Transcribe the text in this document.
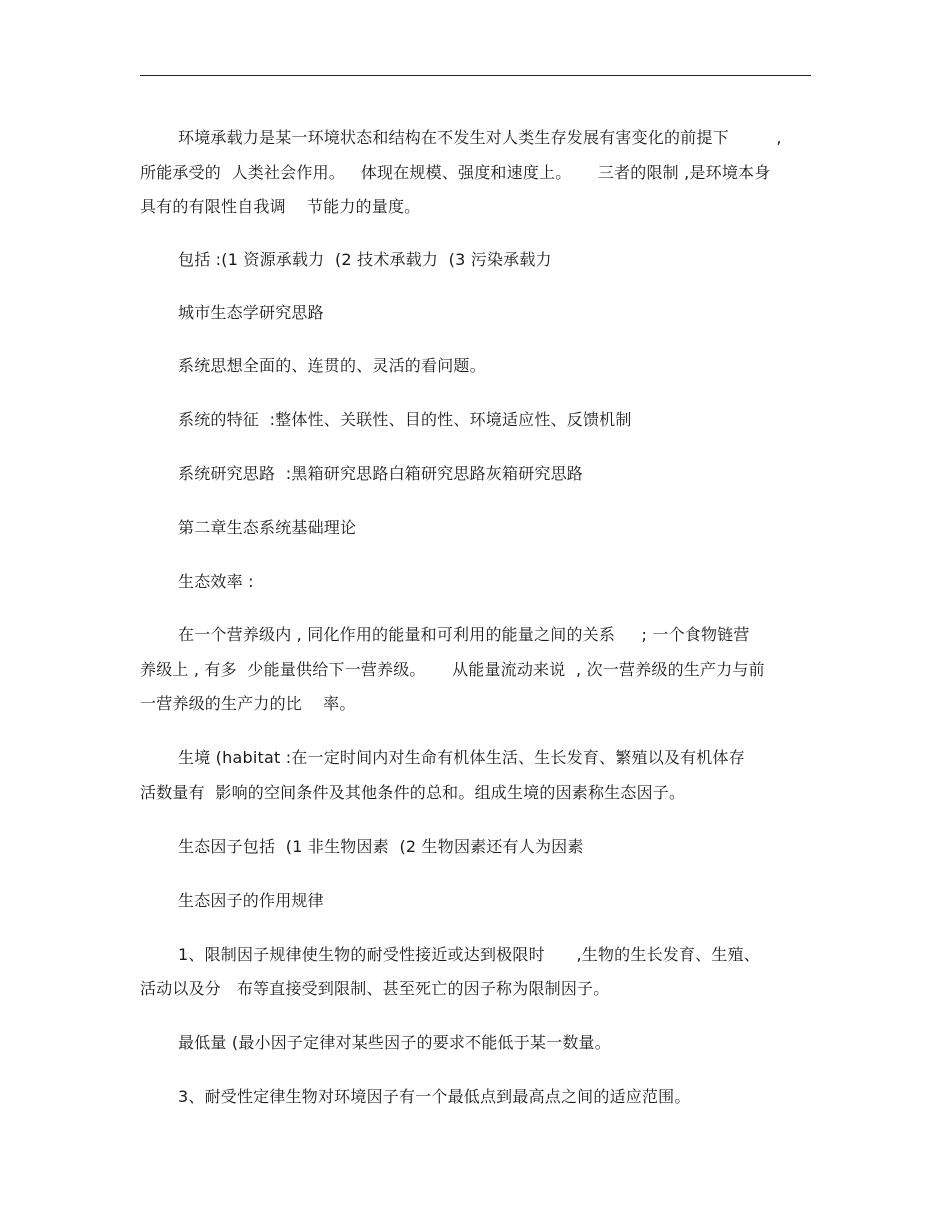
环境承载力是某一环境状态和结构在不发生对人类生存发展有害变化的前提下         ,
所能承受的  人类社会作用。   体现在规模、强度和速度上。     三者的限制 ,是环境本身
具有的有限性自我调    节能力的量度。
包括 :(1 资源承载力  (2 技术承载力  (3 污染承载力
城市生态学研究思路
系统思想全面的、连贯的、灵活的看问题。
系统的特征  :整体性、关联性、目的性、环境适应性、反馈机制
系统研究思路  :黑箱研究思路白箱研究思路灰箱研究思路
第二章生态系统基础理论
生态效率 :
在一个营养级内 , 同化作用的能量和可利用的能量之间的关系     ; 一个食物链营
养级上 , 有多  少能量供给下一营养级。     从能量流动来说  , 次一营养级的生产力与前
一营养级的生产力的比    率。
生境 (habitat :在一定时间内对生命有机体生活、生长发育、繁殖以及有机体存
活数量有  影响的空间条件及其他条件的总和。组成生境的因素称生态因子。
生态因子包括  (1 非生物因素  (2 生物因素还有人为因素
生态因子的作用规律
1、限制因子规律使生物的耐受性接近或达到极限时      ,生物的生长发育、生殖、
活动以及分   布等直接受到限制、甚至死亡的因子称为限制因子。
最低量 (最小因子定律对某些因子的要求不能低于某一数量。
3、耐受性定律生物对环境因子有一个最低点到最高点之间的适应范围。
